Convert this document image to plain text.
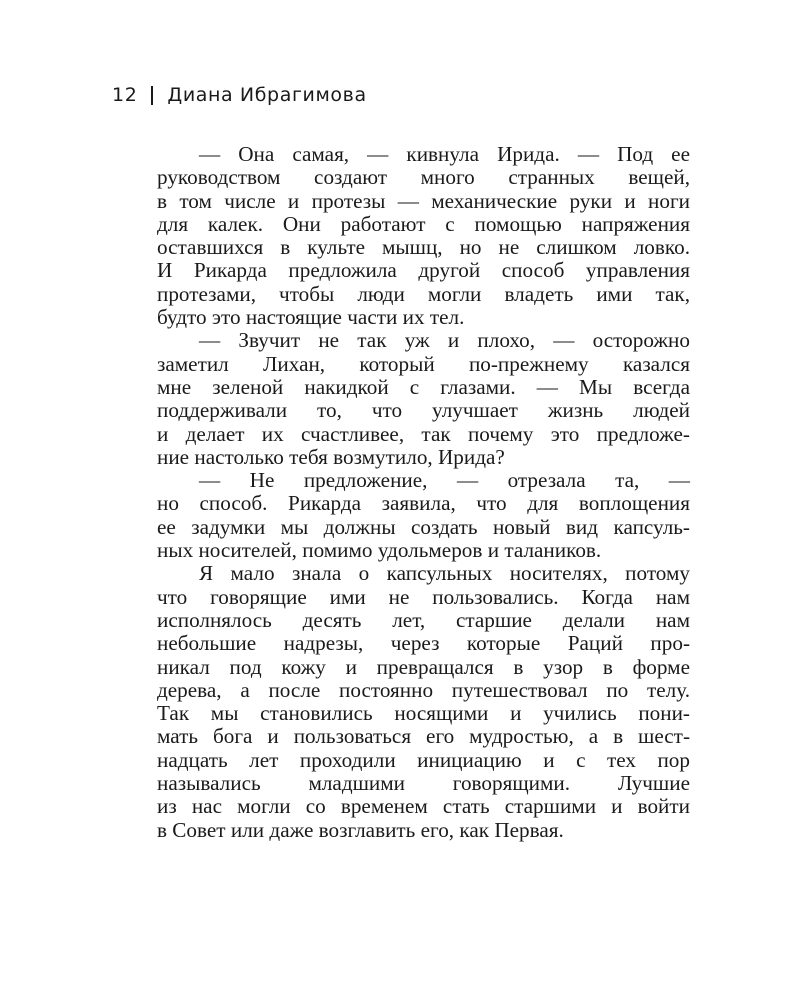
12 Диана Ибрагимова

— Она самая, — кивнула Ирида. — Под ее
руководством создают много странных вещей,
в том числе и протезы — механические руки и ноги
для калек. Они работают с помощью напряжения
оставшихся в культе мышц, но не слишком ловко.
И Рикарда предложила другой способ управления
протезами, чтобы люди могли владеть ими так,
будто это настоящие части их тел.

— Звучит не так уж и плохо, — осторожно
заметил Лихан, который по-прежнему казался
мне зеленой накидкой с глазами. — Мы всегда
поддерживали то, что улучшает жизнь людей
и делает их счастливее, так почему это предложе-
ние настолько тебя возмутило, Ирида?

— Не предложение, — отрезала та, —
но способ. Рикарда заявила, что для воплощения
ее задумки мы должны создать новый вид капсуль-
ных носителей, помимо удольмеров и талаников.

Я мало знала о капсульных носителях, потому
что говорящие ими не пользовались. Когда нам
исполнялось десять лет, старшие делали нам
небольшие надрезы, через которые Раций про-
никал под кожу и превращался в узор в форме
дерева, а после постоянно путешествовал по телу.
Так мы становились носящими и учились пони-
мать бога и пользоваться его мудростью, а в шест-
надцать лет проходили инициацию и с тех пор
назывались младшими говорящими. Лучшие
из нас могли со временем стать старшими и войти
в Совет или даже возглавить его, как Первая.
